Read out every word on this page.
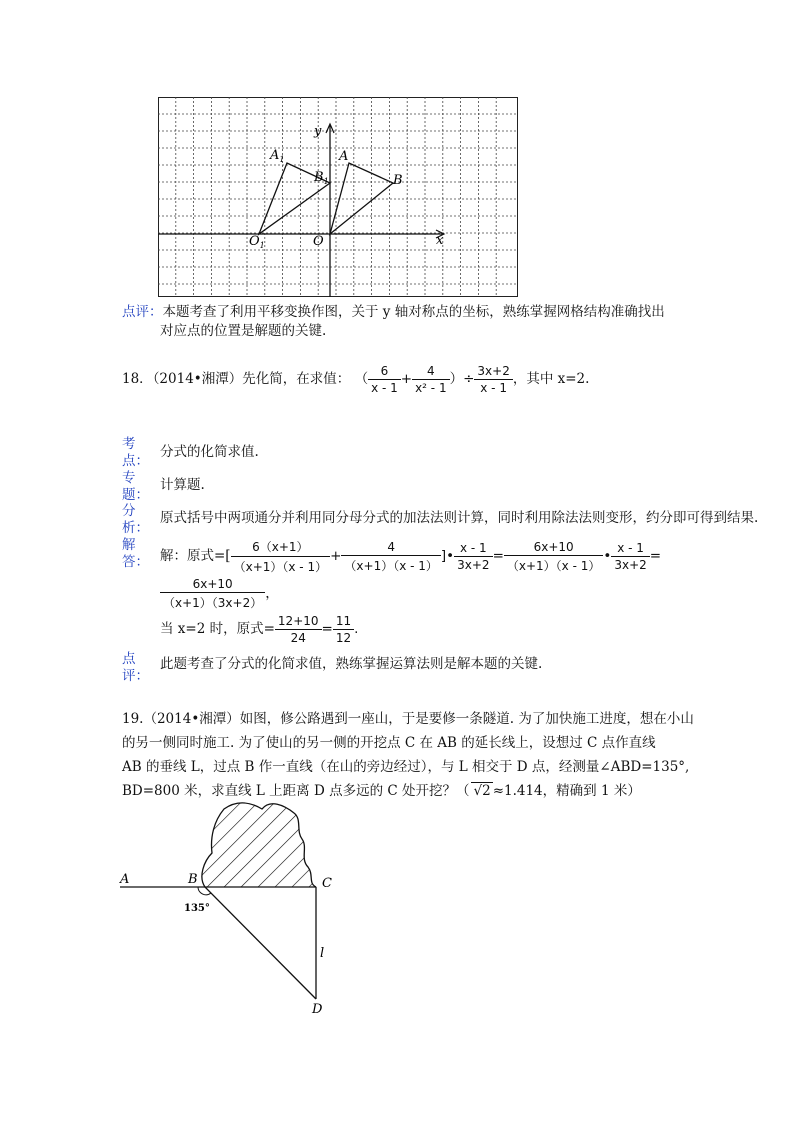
y
x
A
B
$B_1$
$A_1$
O
$O_1$
点评：本题考查了利用平移变换作图，关于 y 轴对称点的坐标，熟练掌握网格结构准确找出
对应点的位置是解题的关键.
18．（2014•湘潭）先化简，在求值： （ $\frac{6}{x - 1} + \frac{4}{\text{x² - 1}}$ ）÷ $\frac{3x+2}{x - 1}$ ，其中 x=2.
考点：
分式的化简求值.
专题：
计算题.
分析：
原式括号中两项通分并利用同分母分式的加法法则计算，同时利用除法法则变形，约分即可得到结果.
解答： 解：原式=[ $\frac{6(x+1)}{(x+1)(x - 1)} + \frac{4}{(x+1)(x - 1)}$ ]• $\frac{x - 1}{3x+2} = \frac{6x+10}{(x+1)(x - 1)}$ • $\frac{x - 1}{3x+2}$ =
$\frac{6x+10}{(x+1)(3x+2)}$ ，
当 x=2 时，原式= $\frac{12+10}{24} = \frac{11}{12}$ .
点评：
此题考查了分式的化简求值，熟练掌握运算法则是解本题的关键.
19.（2014•湘潭）如图，修公路遇到一座山，于是要修一条隧道. 为了加快施工进度，想在小山
的另一侧同时施工. 为了使山的另一侧的开挖点 C 在 AB 的延长线上，设想过 C 点作直线
AB 的垂线 L，过点 B 作一直线（在山的旁边经过），与 L 相交于 D 点，经测量∠ABD=135°,
BD=800 米，求直线 L 上距离 D 点多远的 C 处开挖？（ √2 ≈1.414，精确到 1 米）
A	B	C
D
l
135°
